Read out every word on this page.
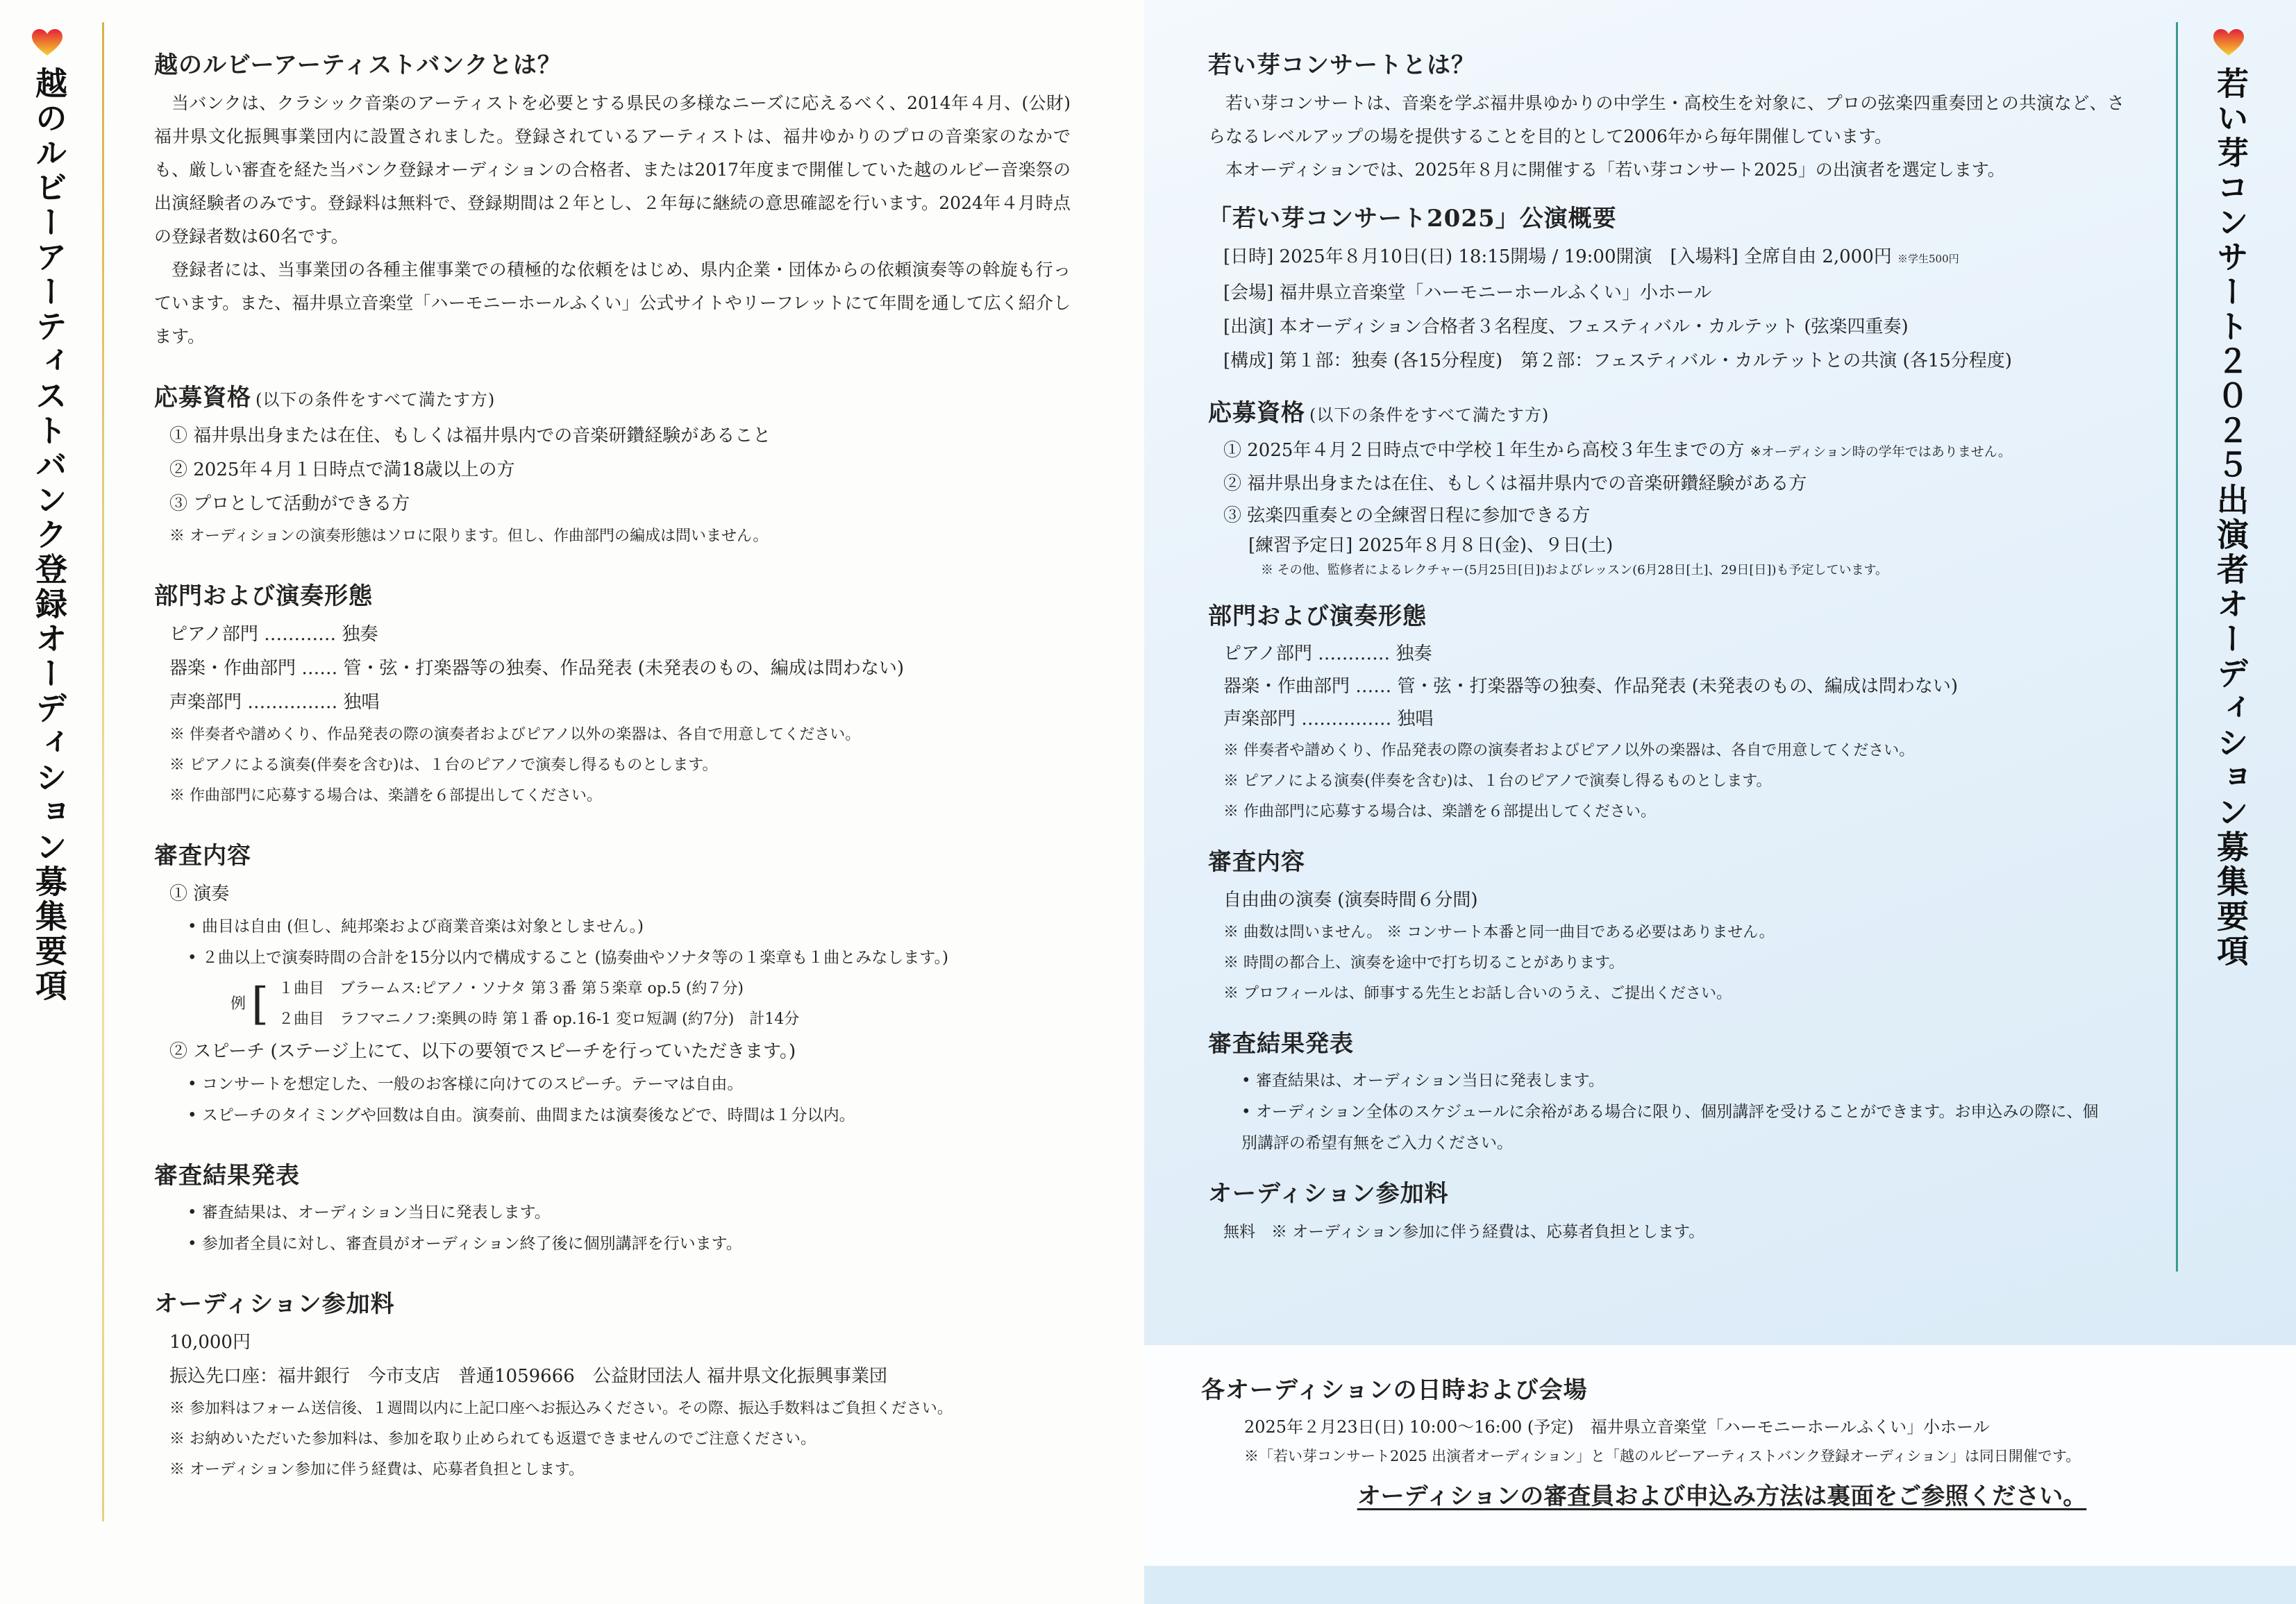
越のルビーアーティストバンク登録オーディション募集要項
越のルビーアーティストバンクとは？

当バンクは、クラシック音楽のアーティストを必要とする県民の多様なニーズに応えるべく、2014年４月、(公財)福井県文化振興事業団内に設置されました。登録されているアーティストは、福井ゆかりのプロの音楽家のなかでも、厳しい審査を経た当バンク登録オーディションの合格者、または2017年度まで開催していた越のルビー音楽祭の出演経験者のみです。登録料は無料で、登録期間は２年とし、２年毎に継続の意思確認を行います。2024年４月時点の登録者数は60名です。

登録者には、当事業団の各種主催事業での積極的な依頼をはじめ、県内企業・団体からの依頼演奏等の斡旋も行っています。また、福井県立音楽堂「ハーモニーホールふくい」公式サイトやリーフレットにて年間を通して広く紹介します。

応募資格 (以下の条件をすべて満たす方)

① 福井県出身または在住、もしくは福井県内での音楽研鑽経験があること

② 2025年４月１日時点で満18歳以上の方

③ プロとして活動ができる方

※ オーディションの演奏形態はソロに限ります。但し、作曲部門の編成は問いません。

部門および演奏形態

ピアノ部門 ………… 独奏

器楽・作曲部門 …… 管・弦・打楽器等の独奏、作品発表 (未発表のもの、編成は問わない)

声楽部門 …………… 独唱

※ 伴奏者や譜めくり、作品発表の際の演奏者およびピアノ以外の楽器は、各自で用意してください。

※ ピアノによる演奏(伴奏を含む)は、１台のピアノで演奏し得るものとします。

※ 作曲部門に応募する場合は、楽譜を６部提出してください。

審査内容

① 演奏

• 曲目は自由 (但し、純邦楽および商業音楽は対象としません。)

• ２曲以上で演奏時間の合計を15分以内で構成すること (協奏曲やソナタ等の１楽章も１曲とみなします。)

例 [ １曲目　ブラームス:ピアノ・ソナタ 第３番 第５楽章 op.5 (約７分)
２曲目　ラフマニノフ:楽興の時 第１番 op.16-1 変ロ短調 (約7分)　計14分

② スピーチ (ステージ上にて、以下の要領でスピーチを行っていただきます。)

• コンサートを想定した、一般のお客様に向けてのスピーチ。テーマは自由。

• スピーチのタイミングや回数は自由。演奏前、曲間または演奏後などで、時間は１分以内。

審査結果発表

• 審査結果は、オーディション当日に発表します。

• 参加者全員に対し、審査員がオーディション終了後に個別講評を行います。

オーディション参加料

10,000円

振込先口座：福井銀行　今市支店　普通1059666　公益財団法人 福井県文化振興事業団

※ 参加料はフォーム送信後、１週間以内に上記口座へお振込みください。その際、振込手数料はご負担ください。

※ お納めいただいた参加料は、参加を取り止められても返還できませんのでご注意ください。

※ オーディション参加に伴う経費は、応募者負担とします。

若い芽コンサートとは？

若い芽コンサートは、音楽を学ぶ福井県ゆかりの中学生・高校生を対象に、プロの弦楽四重奏団との共演など、さらなるレベルアップの場を提供することを目的として2006年から毎年開催しています。

本オーディションでは、2025年８月に開催する「若い芽コンサート2025」の出演者を選定します。

「若い芽コンサート2025」公演概要

[日時] 2025年８月10日(日) 18:15開場 / 19:00開演　[入場料] 全席自由 2,000円 ※学生500円

[会場] 福井県立音楽堂「ハーモニーホールふくい」小ホール

[出演] 本オーディション合格者３名程度、フェスティバル・カルテット (弦楽四重奏)

[構成] 第１部：独奏 (各15分程度)　第２部：フェスティバル・カルテットとの共演 (各15分程度)

応募資格 (以下の条件をすべて満たす方)

① 2025年４月２日時点で中学校１年生から高校３年生までの方 ※オーディション時の学年ではありません。

② 福井県出身または在住、もしくは福井県内での音楽研鑽経験がある方

③ 弦楽四重奏との全練習日程に参加できる方

[練習予定日] 2025年８月８日(金)、９日(土)

※ その他、監修者によるレクチャー(5月25日[日])およびレッスン(6月28日[土]、29日[日])も予定しています。

部門および演奏形態

ピアノ部門 ………… 独奏

器楽・作曲部門 …… 管・弦・打楽器等の独奏、作品発表 (未発表のもの、編成は問わない)

声楽部門 …………… 独唱

※ 伴奏者や譜めくり、作品発表の際の演奏者およびピアノ以外の楽器は、各自で用意してください。

※ ピアノによる演奏(伴奏を含む)は、１台のピアノで演奏し得るものとします。

※ 作曲部門に応募する場合は、楽譜を６部提出してください。

審査内容

自由曲の演奏 (演奏時間６分間)

※ 曲数は問いません。 ※ コンサート本番と同一曲目である必要はありません。

※ 時間の都合上、演奏を途中で打ち切ることがあります。

※ プロフィールは、師事する先生とお話し合いのうえ、ご提出ください。

審査結果発表

• 審査結果は、オーディション当日に発表します。

• オーディション全体のスケジュールに余裕がある場合に限り、個別講評を受けることができます。お申込みの際に、個別講評の希望有無をご入力ください。

オーディション参加料

無料　※ オーディション参加に伴う経費は、応募者負担とします。

各オーディションの日時および会場

2025年２月23日(日) 10:00〜16:00 (予定)　福井県立音楽堂「ハーモニーホールふくい」小ホール

※「若い芽コンサート2025 出演者オーディション」と「越のルビーアーティストバンク登録オーディション」は同日開催です。

オーディションの審査員および申込み方法は裏面をご参照ください。

若い芽コンサート２０２５出演者オーディション募集要項
